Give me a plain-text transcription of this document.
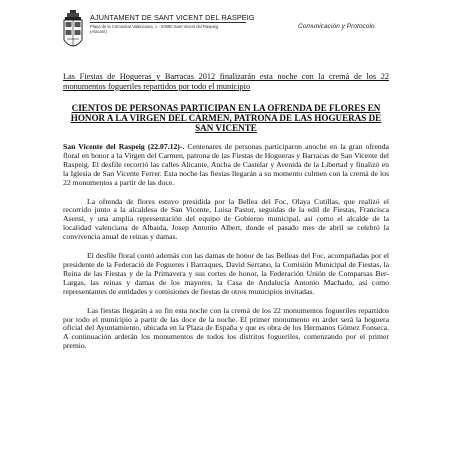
AJUNTAMENT DE SANT VICENT DEL RASPEIG
Plaça de la Comunitat Valenciana, 1 - 03690 Sant Vicent del Raspeig
(Alacant)
Comunicación y Protocolo

Las Fiestas de Hogueras y Barracas 2012 finalizarán esta noche con la cremà de los 22 monumentos fogueriles repartidos por todo el municipio

CIENTOS DE PERSONAS PARTICIPAN EN LA OFRENDA DE FLORES EN HONOR A LA VIRGEN DEL CARMEN, PATRONA DE LAS HOGUERAS DE SAN VICENTE

San Vicente del Raspeig (22.07.12)-. Centenares de personas participaron anoche en la gran ofrenda floral en honor a la Virgen del Carmen, patrona de las Fiestas de Hogueras y Barracas de San Vicente del Raspeig. El desfile recorrió las calles Alicante, Ancha de Castelar y Avenida de la Libertad y finalizó en la Iglesia de San Vicente Ferrer. Esta noche las fiestas llegarán a su momento culmen con la cremà de los 22 monumentos a partir de las doce.

La ofrenda de flores estuvo presidida por la Bellea del Foc, Olaya Cutillas, que realizó el recorrido junto a la alcaldesa de San Vicente, Luisa Pastor, seguidas de la edil de Fiestas, Francisca Asensi, y una amplia representación del equipo de Gobierno municipal, así como el alcalde de la localidad valenciana de Albaida, Josep Antonio Albert, donde el pasado mes de abril se celebró la convivencia anual de reinas y damas.

El desfile floral contó además con las damas de honor de las Belleas del Foc, acompañadas por el presidente de la Federació de Fogueres i Barraques, David Serrano, la Comisión Municipal de Fiestas, la Reina de las Fiestas y de la Primavera y sus cortes de honor, la Federación Unión de Comparsas Ber-Largas, las reinas y damas de los mayores, la Casa de Andalucía Antonio Machado, así como representantes de entidades y comisiones de fiestas de otros municipios invitadas.

Las fiestas llegarán a su fin esta noche con la cremà de los 22 monumentos fogueriles repartidos por todo el municipio a partir de las doce de la noche. El primer monumento en arder será la hoguera oficial del Ayuntamiento, ubicada en la Plaza de España y que es obra de los Hermanos Gómez Fonseca. A continuación arderán los monumentos de todos los distritos fogueriles, comenzando por el primer premio.
